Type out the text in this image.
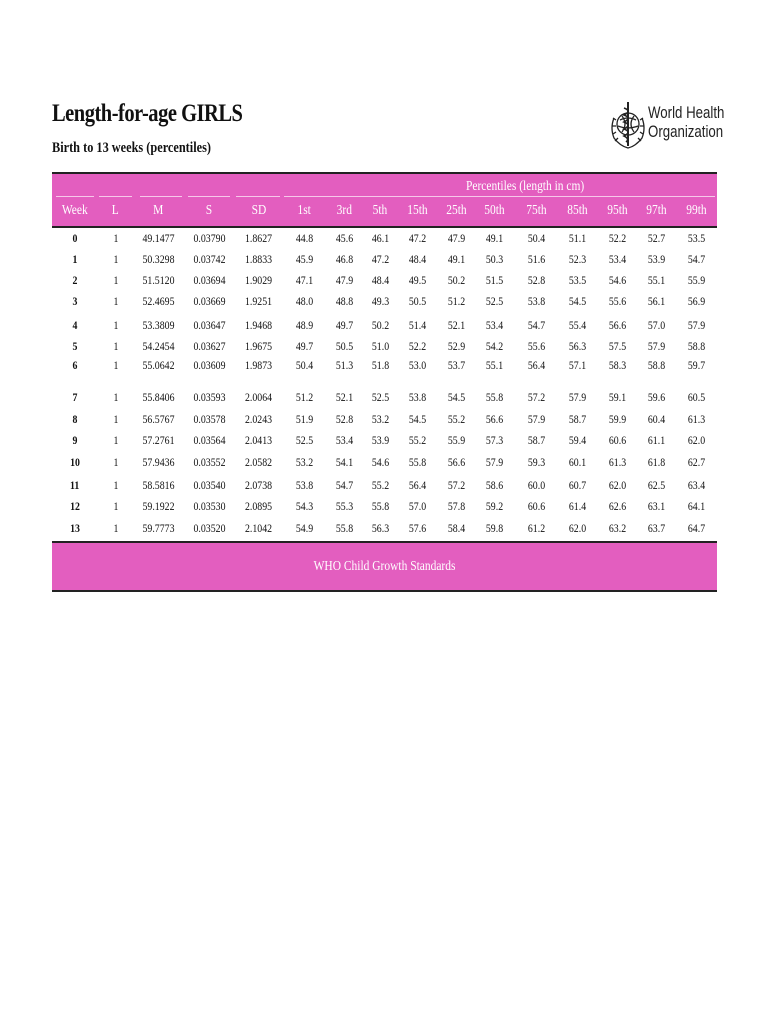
Length-for-age GIRLS
Birth to 13 weeks (percentiles)
World Health
Organization
Percentiles (length in cm)
Week	L	M	S	SD	1st	3rd	5th	15th	25th	50th	75th	85th	95th	97th	99th
0	1	49.1477	0.03790	1.8627	44.8	45.6	46.1	47.2	47.9	49.1	50.4	51.1	52.2	52.7	53.5
1	1	50.3298	0.03742	1.8833	45.9	46.8	47.2	48.4	49.1	50.3	51.6	52.3	53.4	53.9	54.7
2	1	51.5120	0.03694	1.9029	47.1	47.9	48.4	49.5	50.2	51.5	52.8	53.5	54.6	55.1	55.9
3	1	52.4695	0.03669	1.9251	48.0	48.8	49.3	50.5	51.2	52.5	53.8	54.5	55.6	56.1	56.9
4	1	53.3809	0.03647	1.9468	48.9	49.7	50.2	51.4	52.1	53.4	54.7	55.4	56.6	57.0	57.9
5	1	54.2454	0.03627	1.9675	49.7	50.5	51.0	52.2	52.9	54.2	55.6	56.3	57.5	57.9	58.8
6	1	55.0642	0.03609	1.9873	50.4	51.3	51.8	53.0	53.7	55.1	56.4	57.1	58.3	58.8	59.7
7	1	55.8406	0.03593	2.0064	51.2	52.1	52.5	53.8	54.5	55.8	57.2	57.9	59.1	59.6	60.5
8	1	56.5767	0.03578	2.0243	51.9	52.8	53.2	54.5	55.2	56.6	57.9	58.7	59.9	60.4	61.3
9	1	57.2761	0.03564	2.0413	52.5	53.4	53.9	55.2	55.9	57.3	58.7	59.4	60.6	61.1	62.0
10	1	57.9436	0.03552	2.0582	53.2	54.1	54.6	55.8	56.6	57.9	59.3	60.1	61.3	61.8	62.7
11	1	58.5816	0.03540	2.0738	53.8	54.7	55.2	56.4	57.2	58.6	60.0	60.7	62.0	62.5	63.4
12	1	59.1922	0.03530	2.0895	54.3	55.3	55.8	57.0	57.8	59.2	60.6	61.4	62.6	63.1	64.1
13	1	59.7773	0.03520	2.1042	54.9	55.8	56.3	57.6	58.4	59.8	61.2	62.0	63.2	63.7	64.7
WHO Child Growth Standards
